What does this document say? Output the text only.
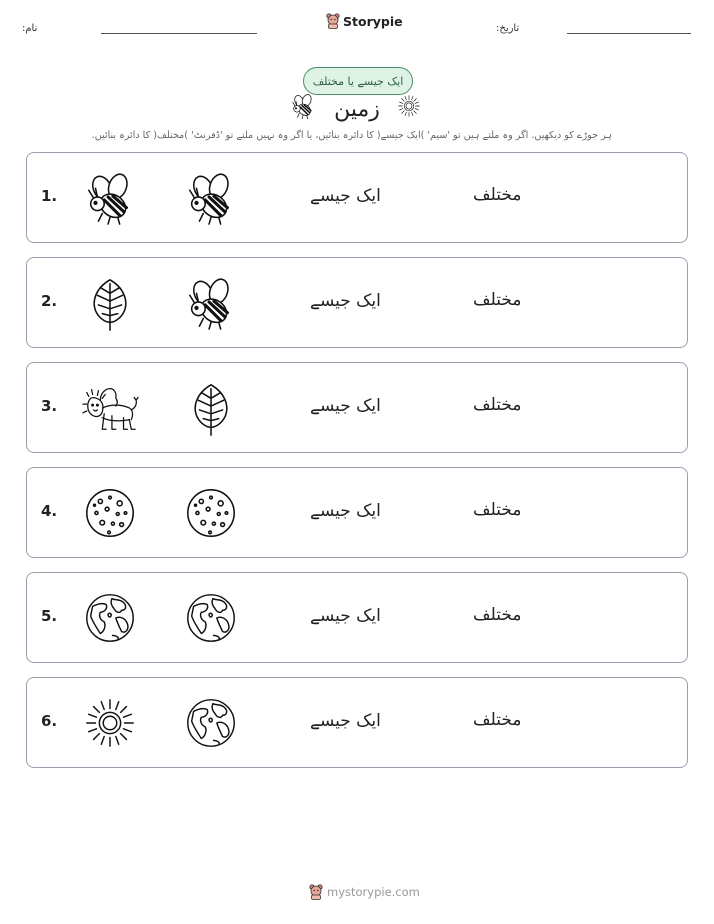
نام:	Storypie	تاریخ:
ایک جیسے یا مختلف
زمین
ہر جوڑے کو دیکھیں. اگر وہ ملتے ہیں تو 'سیم' )ایک جیسے( کا دائرہ بنائیں، یا اگر وہ نہیں ملتے تو 'ڈفرنٹ' )مختلف( کا دائرہ بنائیں.
1.	ایک جیسے	مختلف
2.	ایک جیسے	مختلف
3.	ایک جیسے	مختلف
4.	ایک جیسے	مختلف
5.	ایک جیسے	مختلف
6.	ایک جیسے	مختلف
mystorypie.com
